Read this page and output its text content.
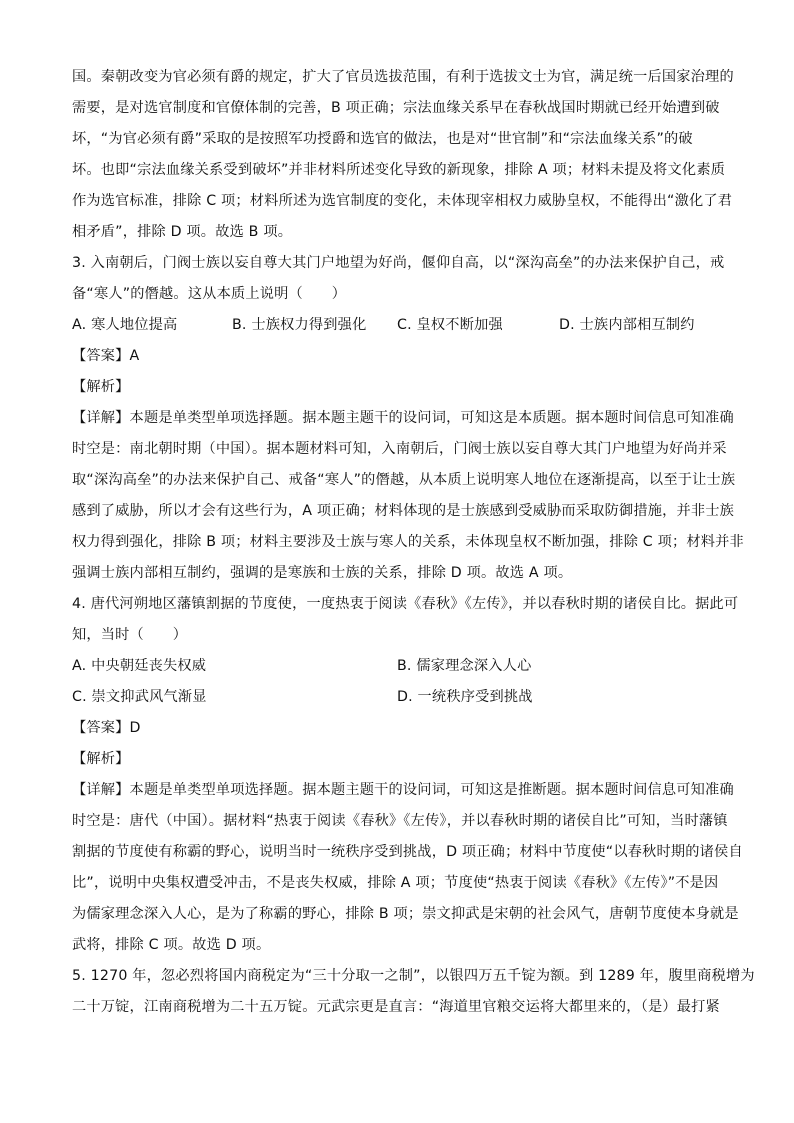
国。秦朝改变为官必须有爵的规定，扩大了官员选拔范围，有利于选拔文士为官，满足统一后国家治理的
需要，是对选官制度和官僚体制的完善，B 项正确；宗法血缘关系早在春秋战国时期就已经开始遭到破
坏，“为官必须有爵”采取的是按照军功授爵和选官的做法，也是对“世官制”和“宗法血缘关系”的破
坏。也即“宗法血缘关系受到破坏”并非材料所述变化导致的新现象，排除 A 项；材料未提及将文化素质
作为选官标准，排除 C 项；材料所述为选官制度的变化，未体现宰相权力威胁皇权，不能得出“激化了君
相矛盾”，排除 D 项。故选 B 项。
3. 入南朝后，门阀士族以妄自尊大其门户地望为好尚，偃仰自高，以“深沟高垒”的办法来保护自己，戒
备“寒人”的僭越。这从本质上说明（　　）
A. 寒人地位提高	B. 士族权力得到强化	C. 皇权不断加强	D. 士族内部相互制约
【答案】A
【解析】
【详解】本题是单类型单项选择题。据本题主题干的设问词，可知这是本质题。据本题时间信息可知准确
时空是：南北朝时期（中国）。据本题材料可知，入南朝后，门阀士族以妄自尊大其门户地望为好尚并采
取“深沟高垒”的办法来保护自己、戒备“寒人”的僭越，从本质上说明寒人地位在逐渐提高，以至于让士族
感到了威胁，所以才会有这些行为，A 项正确；材料体现的是士族感到受威胁而采取防御措施，并非士族
权力得到强化，排除 B 项；材料主要涉及士族与寒人的关系，未体现皇权不断加强，排除 C 项；材料并非
强调士族内部相互制约，强调的是寒族和士族的关系，排除 D 项。故选 A 项。
4. 唐代河朔地区藩镇割据的节度使，一度热衷于阅读《春秋》《左传》，并以春秋时期的诸侯自比。据此可
知，当时（　　）
A. 中央朝廷丧失权威	B. 儒家理念深入人心
C. 崇文抑武风气渐显	D. 一统秩序受到挑战
【答案】D
【解析】
【详解】本题是单类型单项选择题。据本题主题干的设问词，可知这是推断题。据本题时间信息可知准确
时空是：唐代（中国）。据材料“热衷于阅读《春秋》《左传》，并以春秋时期的诸侯自比”可知，当时藩镇
割据的节度使有称霸的野心，说明当时一统秩序受到挑战，D 项正确；材料中节度使“以春秋时期的诸侯自
比”，说明中央集权遭受冲击，不是丧失权威，排除 A 项；节度使“热衷于阅读《春秋》《左传》”不是因
为儒家理念深入人心，是为了称霸的野心，排除 B 项；崇文抑武是宋朝的社会风气，唐朝节度使本身就是
武将，排除 C 项。故选 D 项。
5. 1270 年，忽必烈将国内商税定为“三十分取一之制”，以银四万五千锭为额。到 1289 年，腹里商税增为
二十万锭，江南商税增为二十五万锭。元武宗更是直言：“海道里官粮交运将大都里来的，（是）最打紧
